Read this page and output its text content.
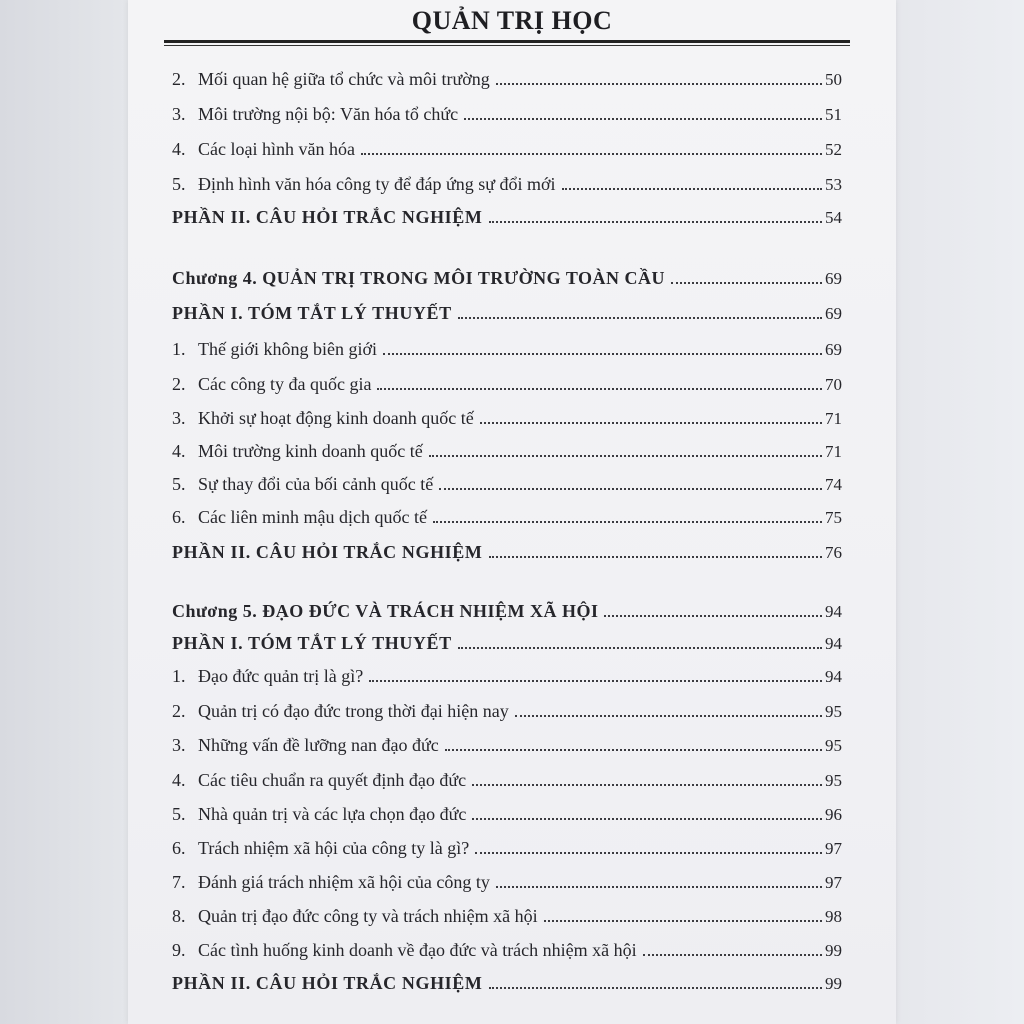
QUẢN TRỊ HỌC
2. Mối quan hệ giữa tổ chức và môi trường	50
3. Môi trường nội bộ: Văn hóa tổ chức	51
4. Các loại hình văn hóa	52
5. Định hình văn hóa công ty để đáp ứng sự đổi mới	53
PHẦN II. CÂU HỎI TRẮC NGHIỆM	54
Chương 4. QUẢN TRỊ TRONG MÔI TRƯỜNG TOÀN CẦU	69
PHẦN I. TÓM TẮT LÝ THUYẾT	69
1. Thế giới không biên giới	69
2. Các công ty đa quốc gia	70
3. Khởi sự hoạt động kinh doanh quốc tế	71
4. Môi trường kinh doanh quốc tế	71
5. Sự thay đổi của bối cảnh quốc tế	74
6. Các liên minh mậu dịch quốc tế	75
PHẦN II. CÂU HỎI TRẮC NGHIỆM	76
Chương 5. ĐẠO ĐỨC VÀ TRÁCH NHIỆM XÃ HỘI	94
PHẦN I. TÓM TẮT LÝ THUYẾT	94
1. Đạo đức quản trị là gì?	94
2. Quản trị có đạo đức trong thời đại hiện nay	95
3. Những vấn đề lưỡng nan đạo đức	95
4. Các tiêu chuẩn ra quyết định đạo đức	95
5. Nhà quản trị và các lựa chọn đạo đức	96
6. Trách nhiệm xã hội của công ty là gì?	97
7. Đánh giá trách nhiệm xã hội của công ty	97
8. Quản trị đạo đức công ty và trách nhiệm xã hội	98
9. Các tình huống kinh doanh về đạo đức và trách nhiệm xã hội	99
PHẦN II. CÂU HỎI TRẮC NGHIỆM	99
